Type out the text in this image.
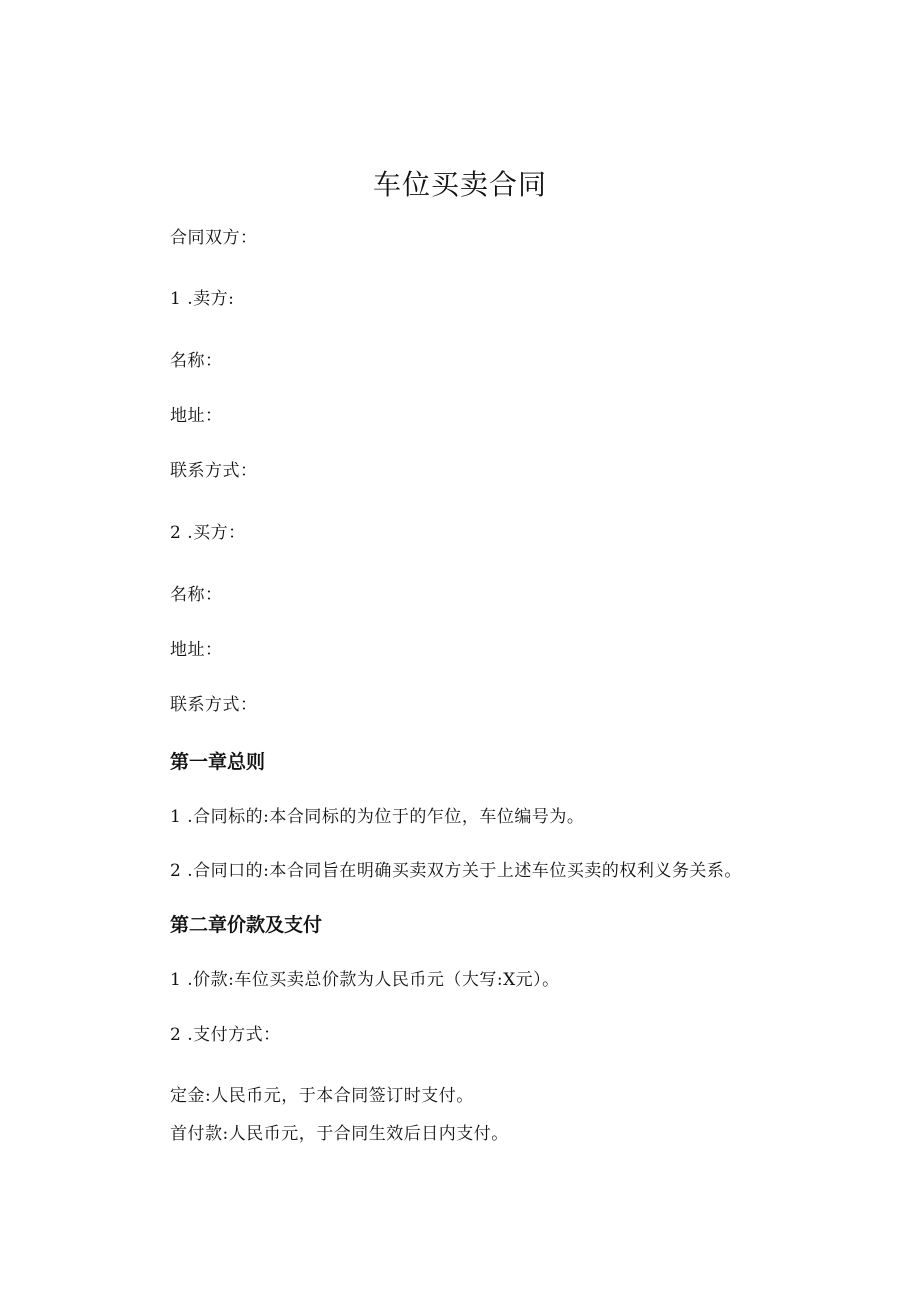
车位买卖合同
合同双方：
1 .卖方:
名称：
地址：
联系方式：
2 .买方：
名称：
地址：
联系方式：
第一章总则
1 .合同标的:本合同标的为位于的乍位，车位编号为。
2 .合同口的:本合同旨在明确买卖双方关于上述车位买卖的权利义务关系。
第二章价款及支付
1 .价款:车位买卖总价款为人民币元（大写:X元）。
2 .支付方式：
定金:人民币元，于本合同签订时支付。
首付款:人民币元，于合同生效后日内支付。
